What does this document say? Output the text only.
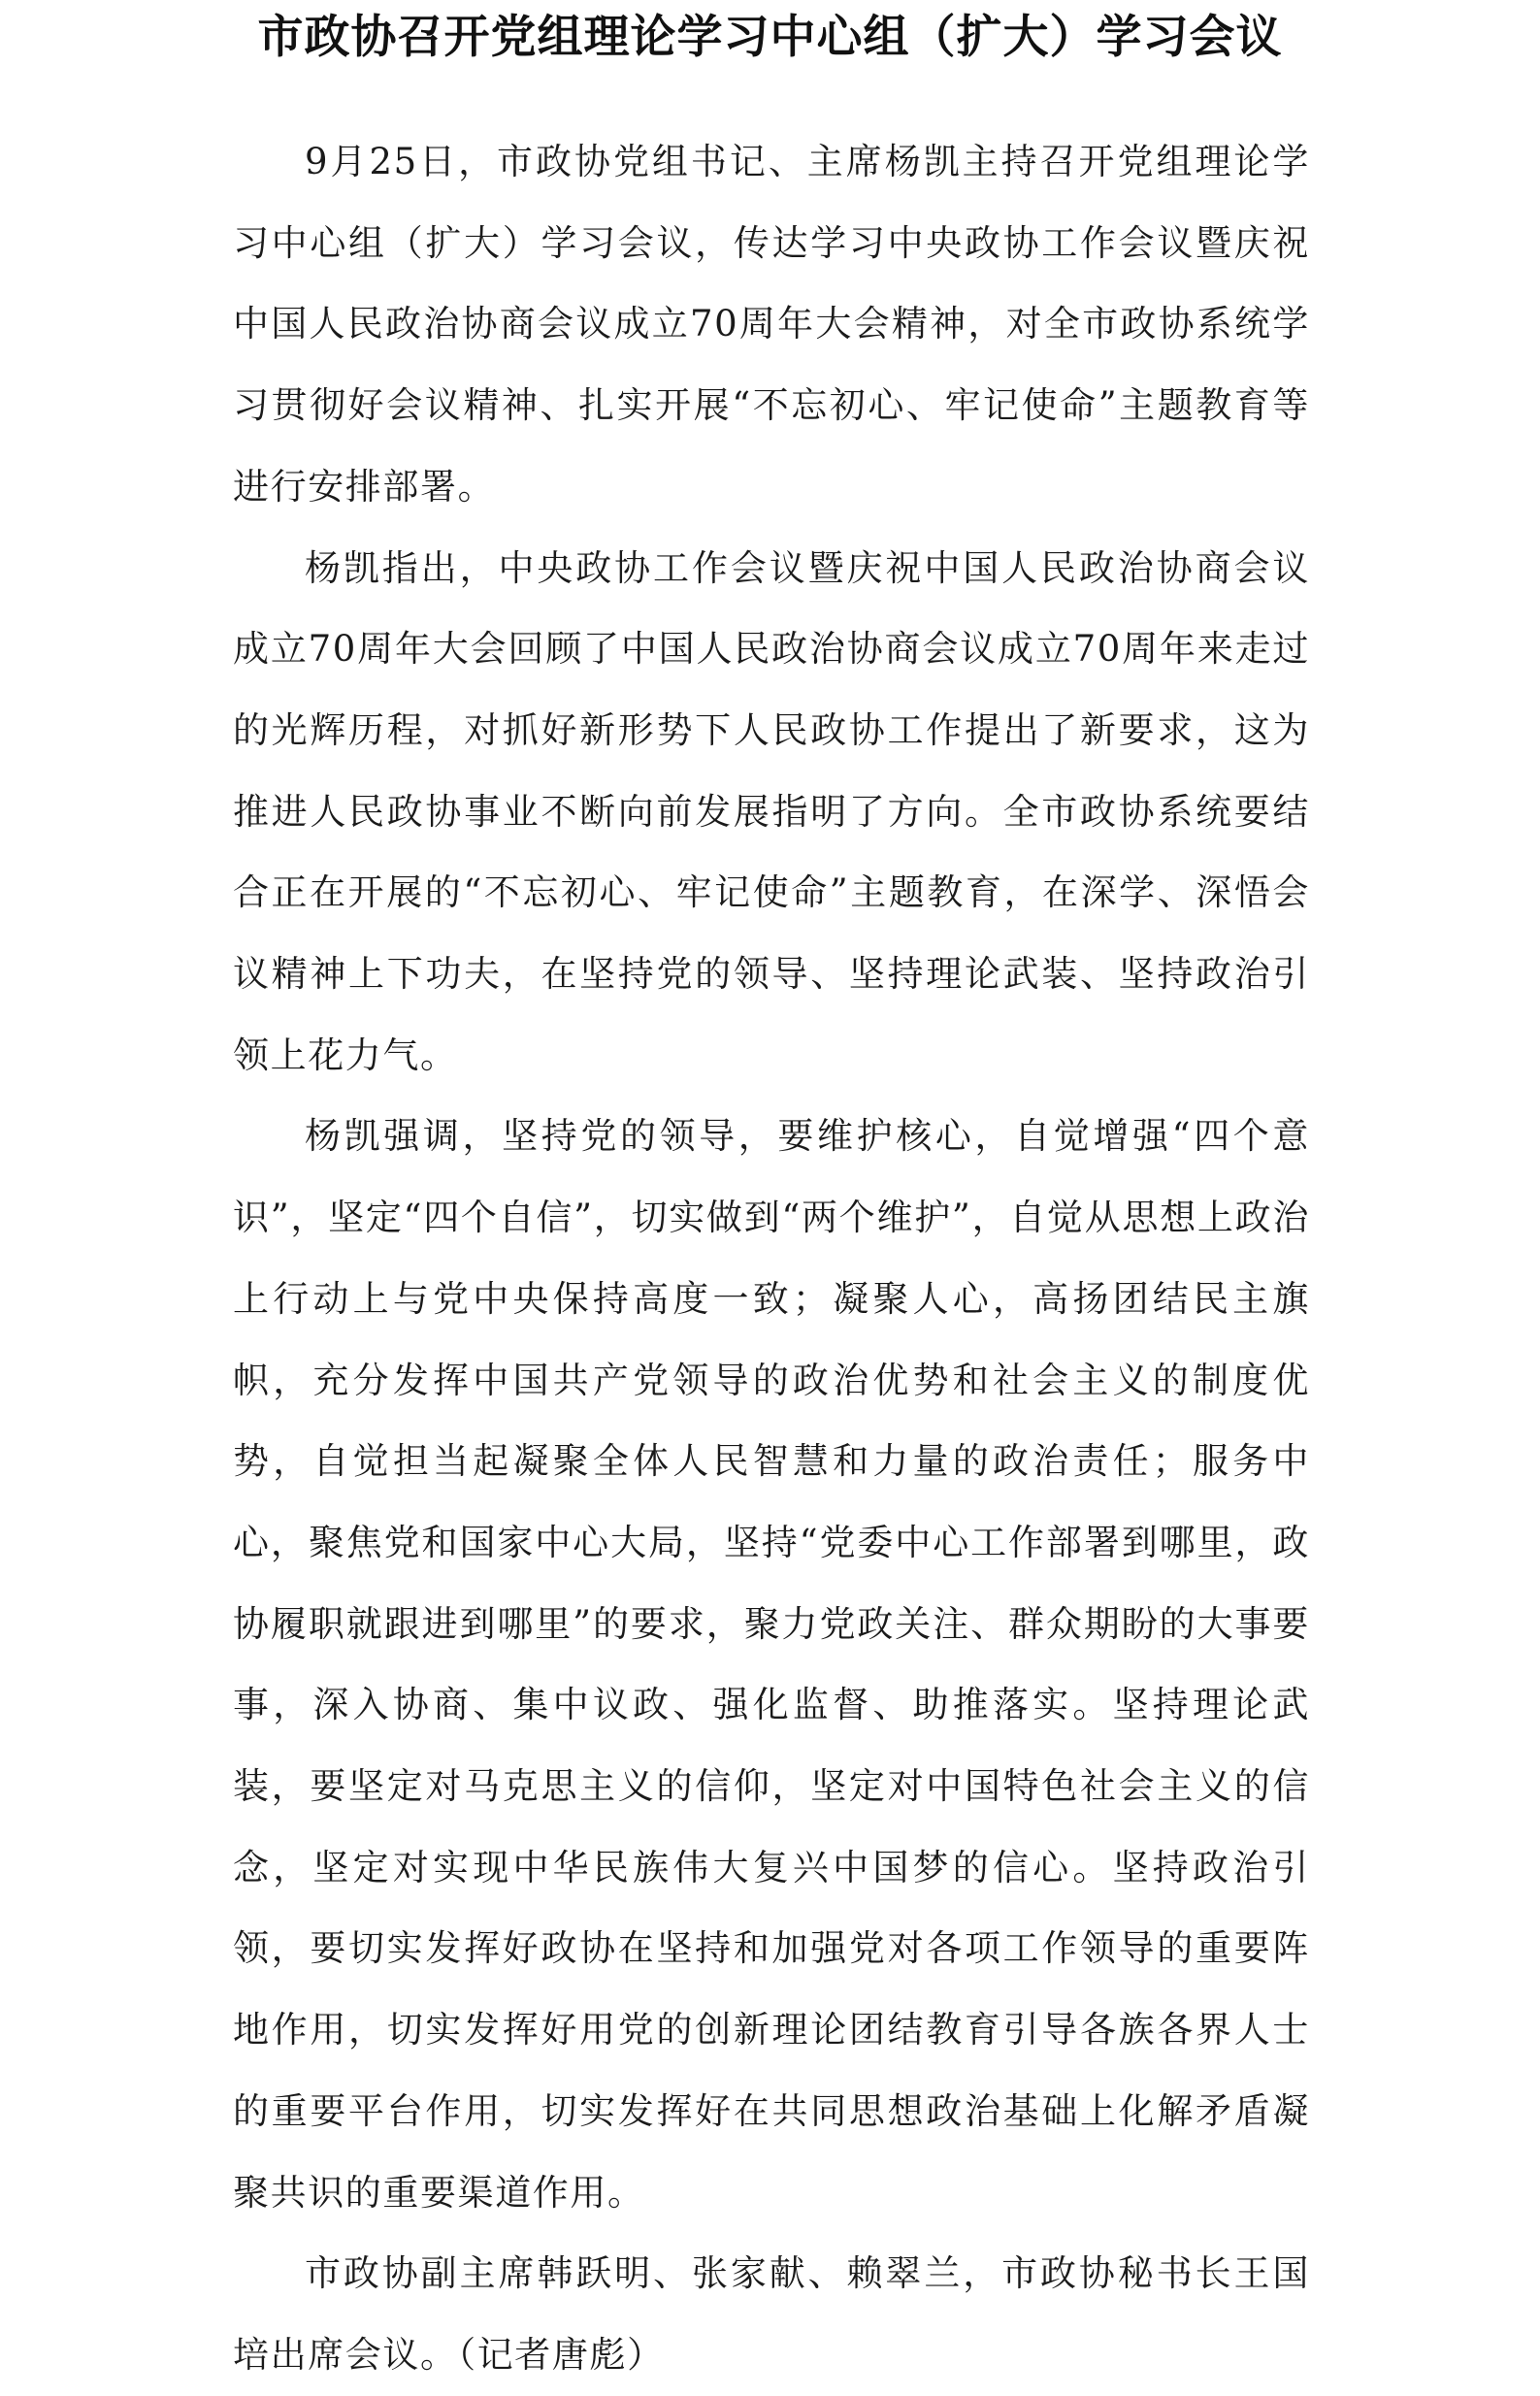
市政协召开党组理论学习中心组（扩大）学习会议

9月25日，市政协党组书记、主席杨凯主持召开党组理论学习中心组（扩大）学习会议，传达学习中央政协工作会议暨庆祝中国人民政治协商会议成立70周年大会精神，对全市政协系统学习贯彻好会议精神、扎实开展“不忘初心、牢记使命”主题教育等进行安排部署。

杨凯指出，中央政协工作会议暨庆祝中国人民政治协商会议成立70周年大会回顾了中国人民政治协商会议成立70周年来走过的光辉历程，对抓好新形势下人民政协工作提出了新要求，这为推进人民政协事业不断向前发展指明了方向。全市政协系统要结合正在开展的“不忘初心、牢记使命”主题教育，在深学、深悟会议精神上下功夫，在坚持党的领导、坚持理论武装、坚持政治引领上花力气。

杨凯强调，坚持党的领导，要维护核心，自觉增强“四个意识”，坚定“四个自信”，切实做到“两个维护”，自觉从思想上政治上行动上与党中央保持高度一致；凝聚人心，高扬团结民主旗帜，充分发挥中国共产党领导的政治优势和社会主义的制度优势，自觉担当起凝聚全体人民智慧和力量的政治责任；服务中心，聚焦党和国家中心大局，坚持“党委中心工作部署到哪里，政协履职就跟进到哪里”的要求，聚力党政关注、群众期盼的大事要事，深入协商、集中议政、强化监督、助推落实。坚持理论武装，要坚定对马克思主义的信仰，坚定对中国特色社会主义的信念，坚定对实现中华民族伟大复兴中国梦的信心。坚持政治引领，要切实发挥好政协在坚持和加强党对各项工作领导的重要阵地作用，切实发挥好用党的创新理论团结教育引导各族各界人士的重要平台作用，切实发挥好在共同思想政治基础上化解矛盾凝聚共识的重要渠道作用。

市政协副主席韩跃明、张家献、赖翠兰，市政协秘书长王国培出席会议。（记者唐彪）
